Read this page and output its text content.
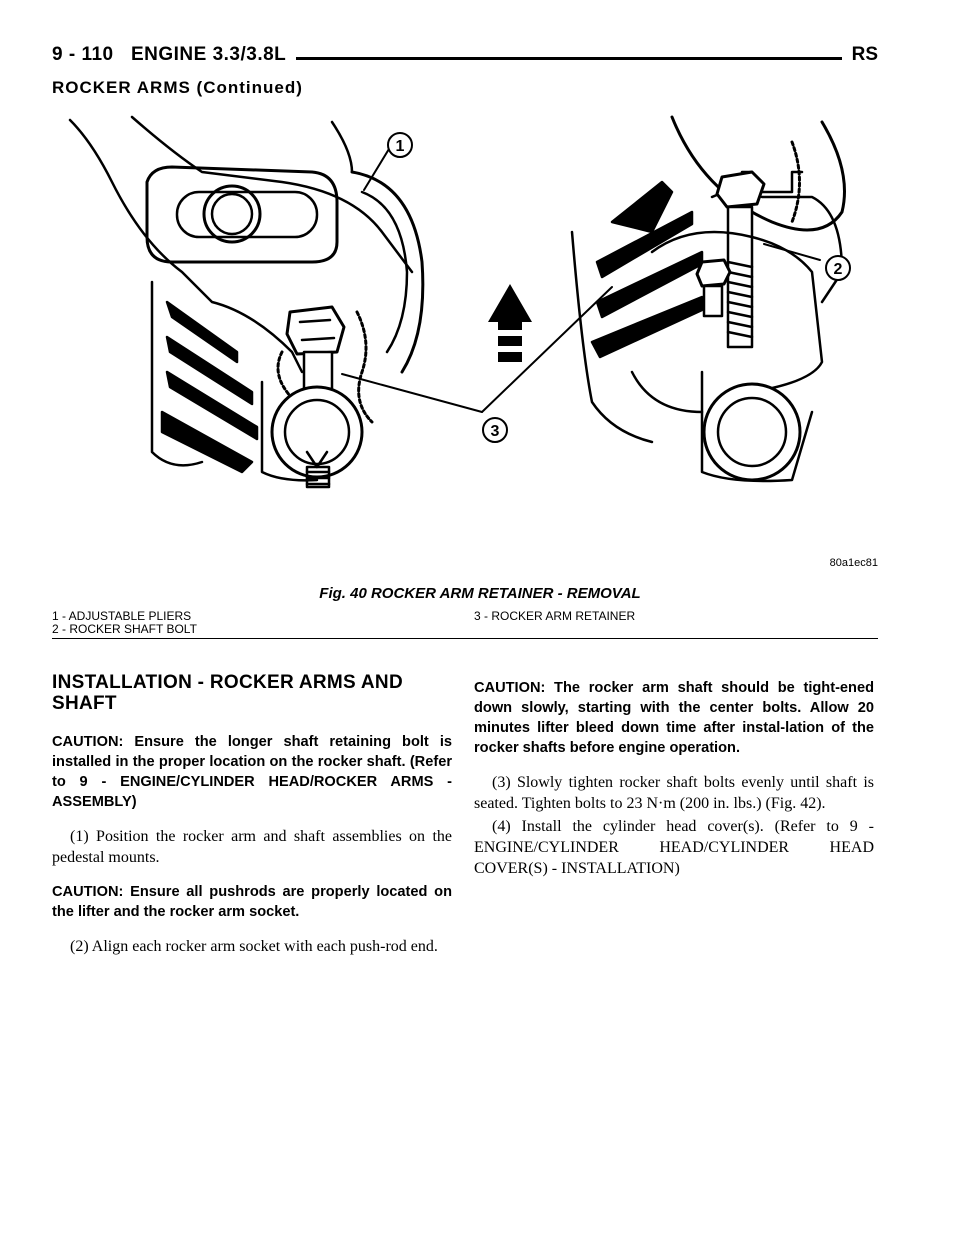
9 - 110 ENGINE 3.3/3.8L	RS
ROCKER ARMS (Continued)
1
2
3
80a1ec81
Fig. 40 ROCKER ARM RETAINER - REMOVAL
1 - ADJUSTABLE PLIERS
2 - ROCKER SHAFT BOLT
3 - ROCKER ARM RETAINER
INSTALLATION - ROCKER ARMS AND SHAFT

CAUTION: Ensure the longer shaft retaining bolt is installed in the proper location on the rocker shaft. (Refer to 9 - ENGINE/CYLINDER HEAD/ROCKER ARMS - ASSEMBLY)

(1) Position the rocker arm and shaft assemblies on the pedestal mounts.

CAUTION: Ensure all pushrods are properly located on the lifter and the rocker arm socket.

(2) Align each rocker arm socket with each push-rod end.

CAUTION: The rocker arm shaft should be tight-ened down slowly, starting with the center bolts. Allow 20 minutes lifter bleed down time after instal-lation of the rocker shafts before engine operation.

(3) Slowly tighten rocker shaft bolts evenly until shaft is seated. Tighten bolts to 23 N·m (200 in. lbs.) (Fig. 42).

(4) Install the cylinder head cover(s). (Refer to 9 - ENGINE/CYLINDER HEAD/CYLINDER HEAD COVER(S) - INSTALLATION)
